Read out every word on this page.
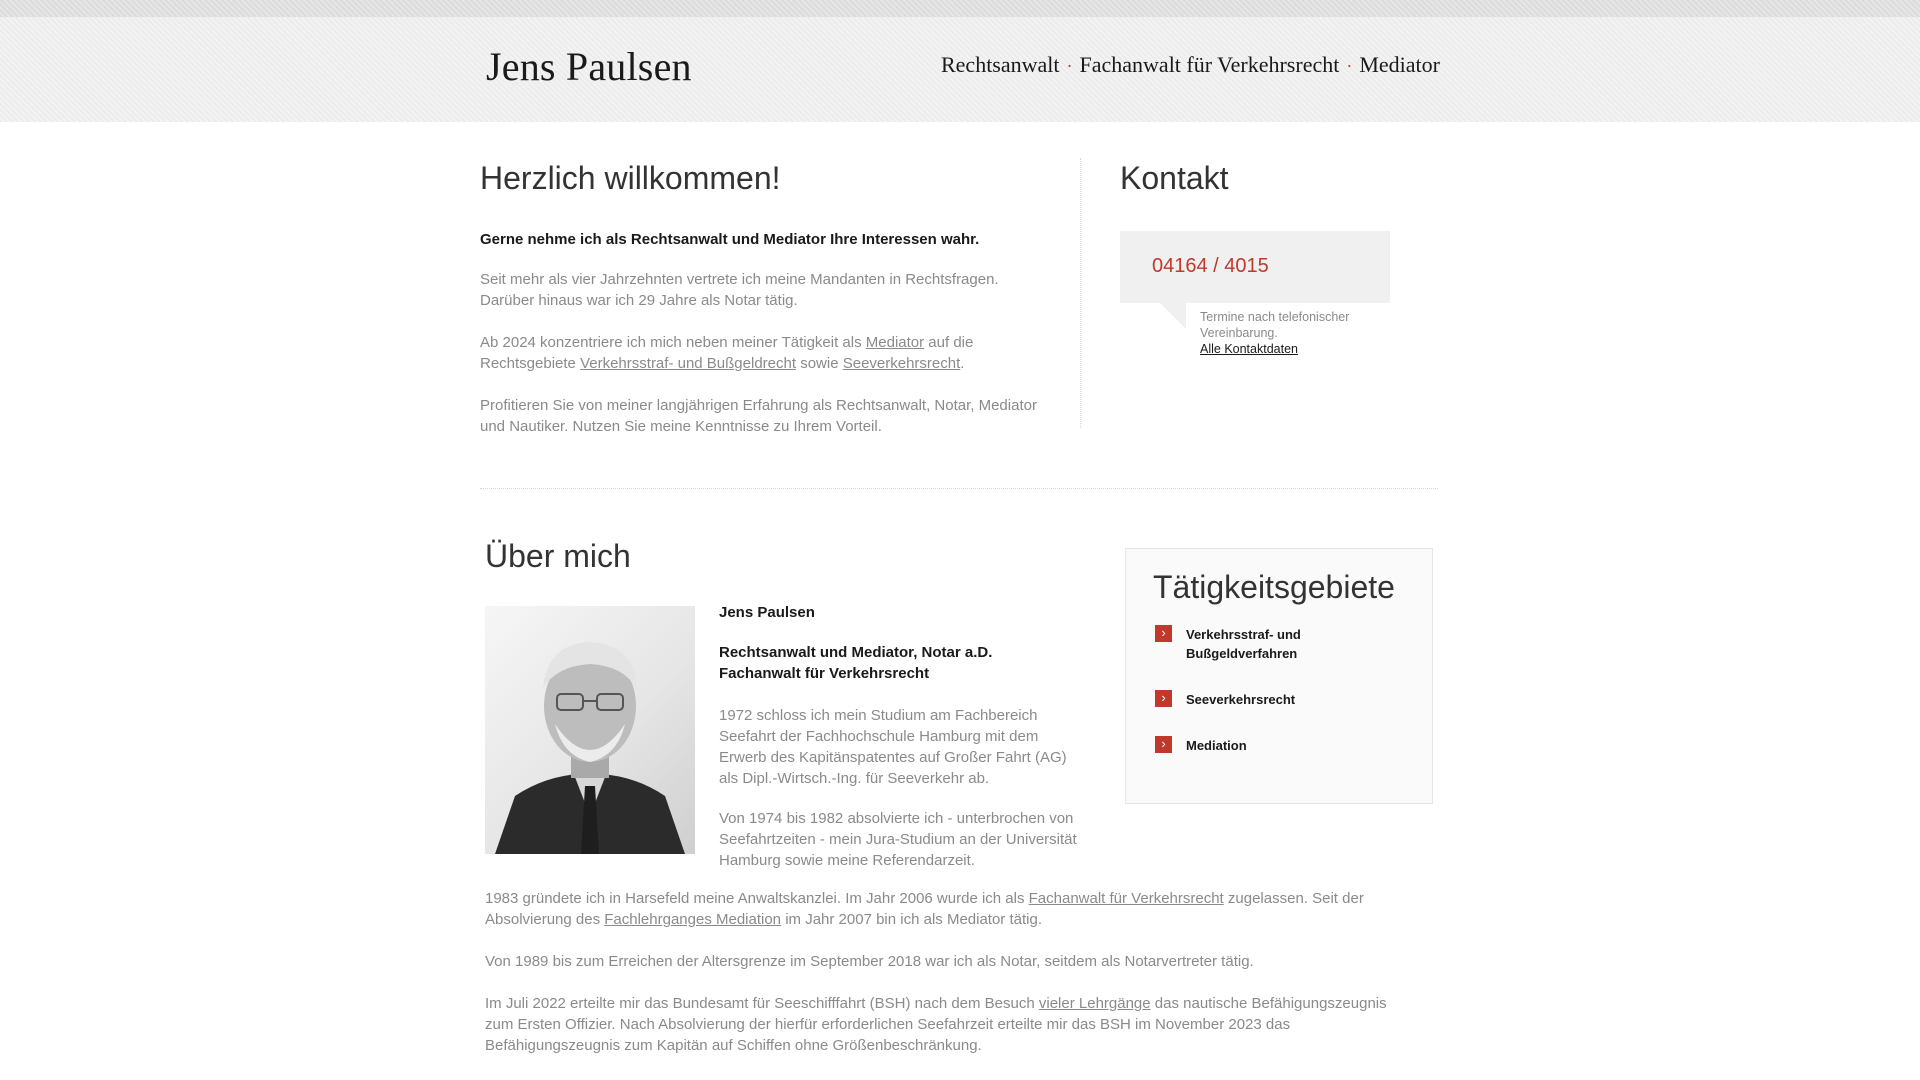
Jens Paulsen	Rechtsanwalt · Fachanwalt für Verkehrsrecht · Mediator
Herzlich willkommen!

Gerne nehme ich als Rechtsanwalt und Mediator Ihre Interessen wahr.

Seit mehr als vier Jahrzehnten vertrete ich meine Mandanten in Rechtsfragen. Darüber hinaus war ich 29 Jahre als Notar tätig.

Ab 2024 konzentriere ich mich neben meiner Tätigkeit als Mediator auf die Rechtsgebiete Verkehrsstraf- und Bußgeldrecht sowie Seeverkehrsrecht.

Profitieren Sie von meiner langjährigen Erfahrung als Rechtsanwalt, Notar, Mediator und Nautiker. Nutzen Sie meine Kenntnisse zu Ihrem Vorteil.

Kontakt
04164 / 4015
Termine nach telefonischer Vereinbarung.
Alle Kontaktdaten
Über mich

Jens Paulsen

Rechtsanwalt und Mediator, Notar a.D.
Fachanwalt für Verkehrsrecht

1972 schloss ich mein Studium am Fachbereich Seefahrt der Fachhochschule Hamburg mit dem Erwerb des Kapitänspatentes auf Großer Fahrt (AG) als Dipl.-Wirtsch.-Ing. für Seeverkehr ab.

Von 1974 bis 1982 absolvierte ich - unterbrochen von Seefahrtzeiten - mein Jura-Studium an der Universität Hamburg sowie meine Referendarzeit.

1983 gründete ich in Harsefeld meine Anwaltskanzlei. Im Jahr 2006 wurde ich als Fachanwalt für Verkehrsrecht zugelassen. Seit der Absolvierung des Fachlehrganges Mediation im Jahr 2007 bin ich als Mediator tätig.

Von 1989 bis zum Erreichen der Altersgrenze im September 2018 war ich als Notar, seitdem als Notarvertreter tätig.

Im Juli 2022 erteilte mir das Bundesamt für Seeschifffahrt (BSH) nach dem Besuch vieler Lehrgänge das nautische Befähigungszeugnis zum Ersten Offizier. Nach Absolvierung der hierfür erforderlichen Seefahrzeit erteilte mir das BSH im November 2023 das Befähigungszeugnis zum Kapitän auf Schiffen ohne Größenbeschränkung.

Tätigkeitsgebiete
›	Verkehrsstraf- und Bußgeldverfahren
›	Seeverkehrsrecht
›	Mediation
